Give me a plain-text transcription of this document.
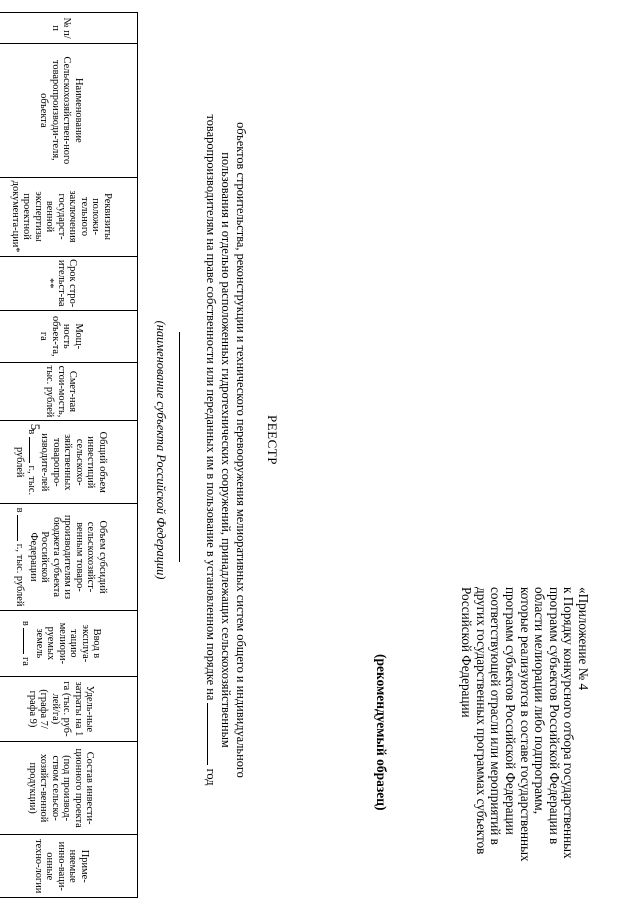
5
«Приложение № 4
к Порядку конкурсного отбора государственных
программ субъектов Российской Федерации в
области мелиорации либо подпрограмм,
которые реализуются в составе государственных
программ субъектов Российской Федерации
соответствующей отрасли или мероприятий в
других государственных программах субъектов
Российской Федерации
(рекомендуемый образец)
РЕЕСТР
объектов строительства, реконструкции и технического перевооружения мелиоративных систем общего и индивидуального
пользования и отдельно расположенных гидротехнических сооружений, принадлежащих сельскохозяйственным
товаропроизводителям на праве собственности или переданных им в пользование в установленном порядке на  год
(наименование субъекта Российской Федерации)
№ п/п	Наименование Сельскохозяйствен-ного товаропроизводи-теля, объекта	Реквизиты положи-тельного заключения государст-венной экспертизы проектной документа-ции*	Срок стро-ительст-ва **	Мощ-ность объек-та, га	Смет-ная стои-мость, тыс. рублей	Общий объем инвестиций сельскохо-зяйственных товаропро-изводите-лей
в  г., тыс. рублей	Объем субсидий сельскохозяйст-венным товаро-производителям из бюджета субъекта Российской Федерации
в  г., тыс. рублей	Ввод в эксплуа-тацию мелиори-руемых земель
в  га	Удель-ные затраты на 1 га (тыс. руб-лей/га) (графа 7/графа 9)	Состав инвести-ционного проекта (под производ-ством сельско-хозяйст-венной продукции)	Приме-няемые инно-ваци-онные техно-логии
